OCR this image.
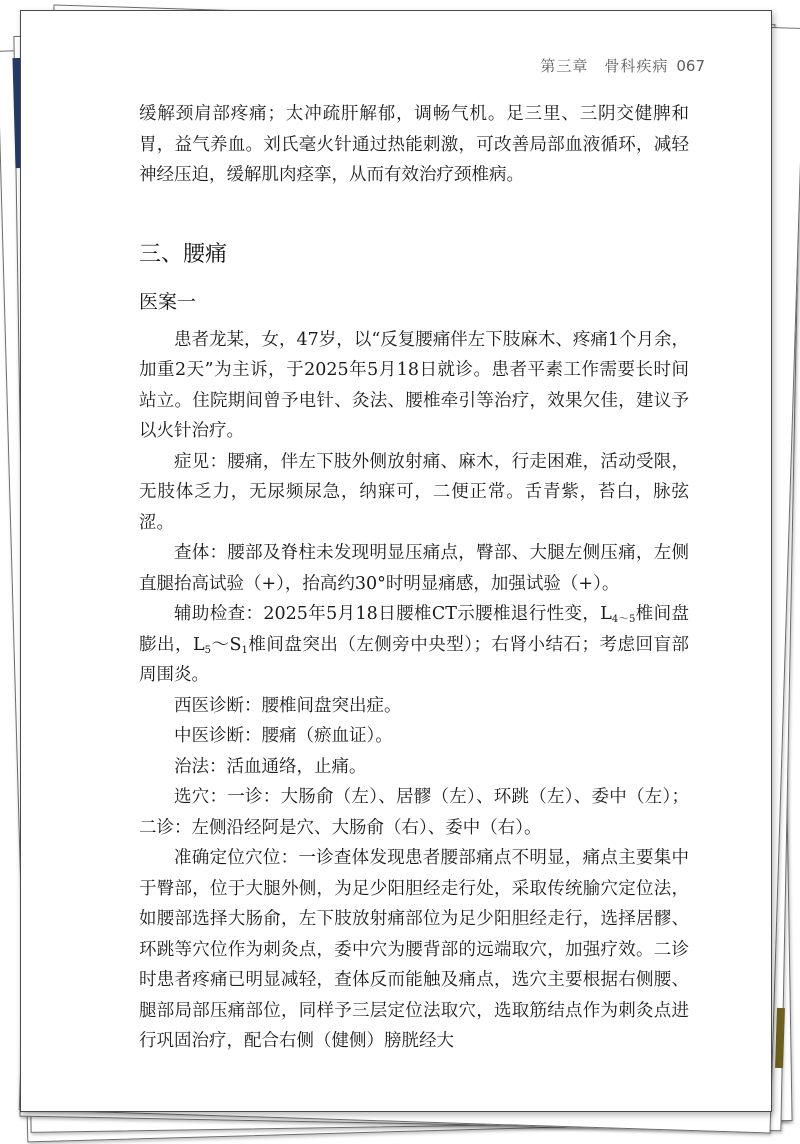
第三章　骨科疾病 067

缓解颈肩部疼痛；太冲疏肝解郁，调畅气机。足三里、三阴交健脾和胃，益气养血。刘氏毫火针通过热能刺激，可改善局部血液循环，减轻神经压迫，缓解肌肉痉挛，从而有效治疗颈椎病。

三、腰痛
医案一

患者龙某，女，47岁，以“反复腰痛伴左下肢麻木、疼痛1个月余，加重2天”为主诉，于2025年5月18日就诊。患者平素工作需要长时间站立。住院期间曾予电针、灸法、腰椎牵引等治疗，效果欠佳，建议予以火针治疗。

症见：腰痛，伴左下肢外侧放射痛、麻木，行走困难，活动受限，无肢体乏力，无尿频尿急，纳寐可，二便正常。舌青紫，苔白，脉弦涩。

查体：腰部及脊柱未发现明显压痛点，臀部、大腿左侧压痛，左侧直腿抬高试验（+），抬高约30°时明显痛感，加强试验（+）。

辅助检查：2025年5月18日腰椎CT示腰椎退行性变，$L_{4\sim 5}$椎间盘膨出，$L_5\sim S_1$椎间盘突出（左侧旁中央型）；右肾小结石；考虑回盲部周围炎。

西医诊断：腰椎间盘突出症。

中医诊断：腰痛（瘀血证）。

治法：活血通络，止痛。

选穴：一诊：大肠俞（左）、居髎（左）、环跳（左）、委中（左）；二诊：左侧沿经阿是穴、大肠俞（右）、委中（右）。

准确定位穴位：一诊查体发现患者腰部痛点不明显，痛点主要集中于臀部，位于大腿外侧，为足少阳胆经走行处，采取传统腧穴定位法，如腰部选择大肠俞，左下肢放射痛部位为足少阳胆经走行，选择居髎、环跳等穴位作为刺灸点，委中穴为腰背部的远端取穴，加强疗效。二诊时患者疼痛已明显减轻，查体反而能触及痛点，选穴主要根据右侧腰、腿部局部压痛部位，同样予三层定位法取穴，选取筋结点作为刺灸点进行巩固治疗，配合右侧（健侧）膀胱经大
